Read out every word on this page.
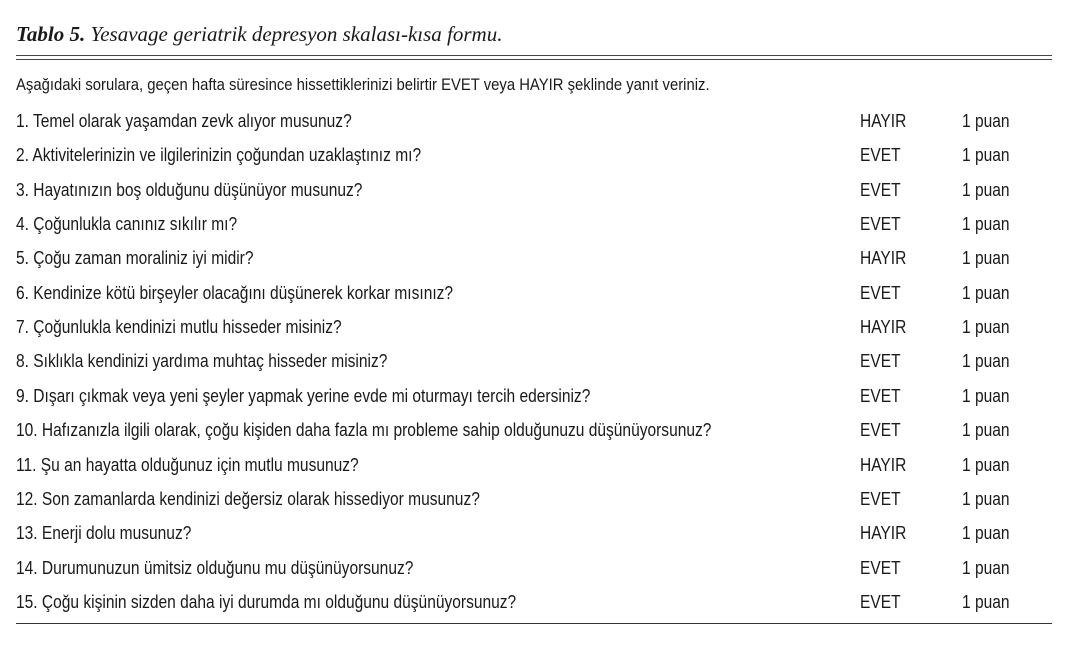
Tablo 5. Yesavage geriatrik depresyon skalası-kısa formu.
Aşağıdaki sorulara, geçen hafta süresince hissettiklerinizi belirtir EVET veya HAYIR şeklinde yanıt veriniz.
1. Temel olarak yaşamdan zevk alıyor musunuz?	HAYIR	1 puan
2. Aktivitelerinizin ve ilgilerinizin çoğundan uzaklaştınız mı?	EVET	1 puan
3. Hayatınızın boş olduğunu düşünüyor musunuz?	EVET	1 puan
4. Çoğunlukla canınız sıkılır mı?	EVET	1 puan
5. Çoğu zaman moraliniz iyi midir?	HAYIR	1 puan
6. Kendinize kötü birşeyler olacağını düşünerek korkar mısınız?	EVET	1 puan
7. Çoğunlukla kendinizi mutlu hisseder misiniz?	HAYIR	1 puan
8. Sıklıkla kendinizi yardıma muhtaç hisseder misiniz?	EVET	1 puan
9. Dışarı çıkmak veya yeni şeyler yapmak yerine evde mi oturmayı tercih edersiniz?	EVET	1 puan
10. Hafızanızla ilgili olarak, çoğu kişiden daha fazla mı probleme sahip olduğunuzu düşünüyorsunuz?	EVET	1 puan
11. Şu an hayatta olduğunuz için mutlu musunuz?	HAYIR	1 puan
12. Son zamanlarda kendinizi değersiz olarak hissediyor musunuz?	EVET	1 puan
13. Enerji dolu musunuz?	HAYIR	1 puan
14. Durumunuzun ümitsiz olduğunu mu düşünüyorsunuz?	EVET	1 puan
15. Çoğu kişinin sizden daha iyi durumda mı olduğunu düşünüyorsunuz?	EVET	1 puan
